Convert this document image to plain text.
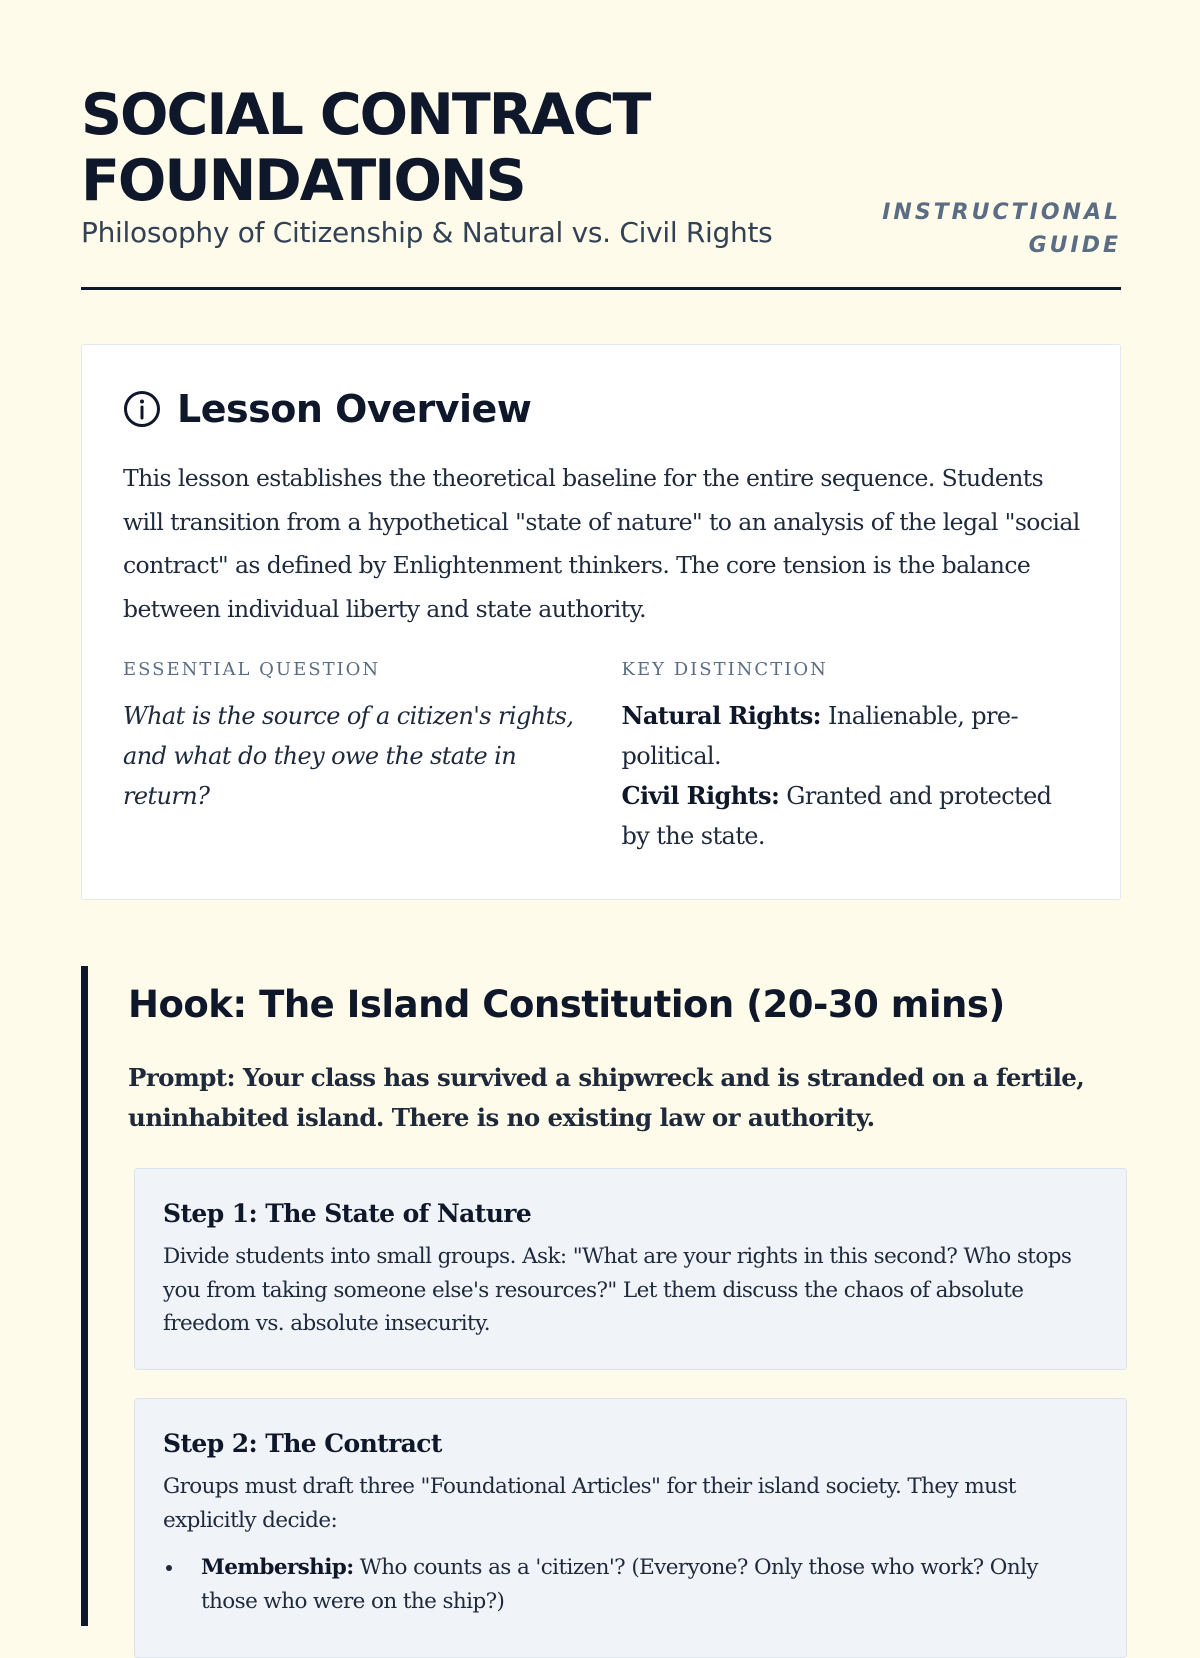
SOCIAL CONTRACT
FOUNDATIONS
Philosophy of Citizenship & Natural vs. Civil Rights
INSTRUCTIONAL
GUIDE
Lesson Overview

This lesson establishes the theoretical baseline for the entire sequence. Students will transition from a hypothetical "state of nature" to an analysis of the legal "social contract" as defined by Enlightenment thinkers. The core tension is the balance between individual liberty and state authority.

ESSENTIAL QUESTION
What is the source of a citizen's rights, and what do they owe the state in return?
KEY DISTINCTION
Natural Rights: Inalienable, pre-political.
Civil Rights: Granted and protected by the state.
Hook: The Island Constitution (20-30 mins)

Prompt: Your class has survived a shipwreck and is stranded on a fertile, uninhabited island. There is no existing law or authority.

Step 1: The State of Nature

Divide students into small groups. Ask: "What are your rights in this second? Who stops you from taking someone else's resources?" Let them discuss the chaos of absolute freedom vs. absolute insecurity.

Step 2: The Contract

Groups must draft three "Foundational Articles" for their island society. They must explicitly decide:

• Membership: Who counts as a 'citizen'? (Everyone? Only those who work? Only those who were on the ship?)
